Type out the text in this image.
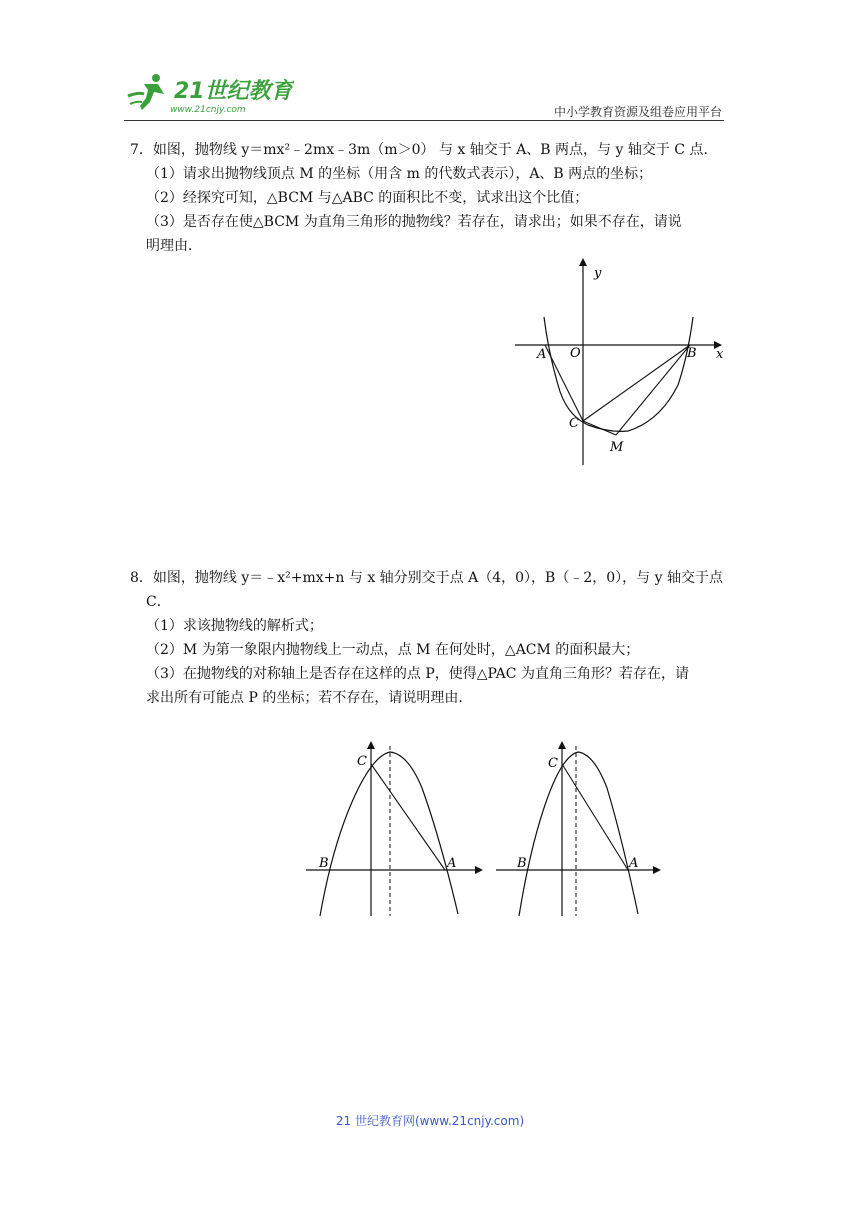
21世纪教育
www.21cnjy.com	中小学教育资源及组卷应用平台

7．如图，抛物线 y＝mx²﹣2mx﹣3m（m＞0） 与 x 轴交于 A、B 两点，与 y 轴交于 C 点．

（1）请求出抛物线顶点 M 的坐标（用含 m 的代数式表示），A、B 两点的坐标；

（2）经探究可知，△BCM 与△ABC 的面积比不变，试求出这个比值；

（3）是否存在使△BCM 为直角三角形的抛物线？若存在，请求出；如果不存在，请说

明理由．

y
x
A O	B
C
M

8．如图，抛物线 y＝﹣x²+mx+n 与 x 轴分别交于点 A（4，0），B（﹣2，0），与 y 轴交于点

C．

（1）求该抛物线的解析式；

（2）M 为第一象限内抛物线上一动点，点 M 在何处时，△ACM 的面积最大；

（3）在抛物线的对称轴上是否存在这样的点 P，使得△PAC 为直角三角形？若存在，请

求出所有可能点 P 的坐标；若不存在，请说明理由．

C
B	A
C
B	A
21 世纪教育网(www.21cnjy.com)
